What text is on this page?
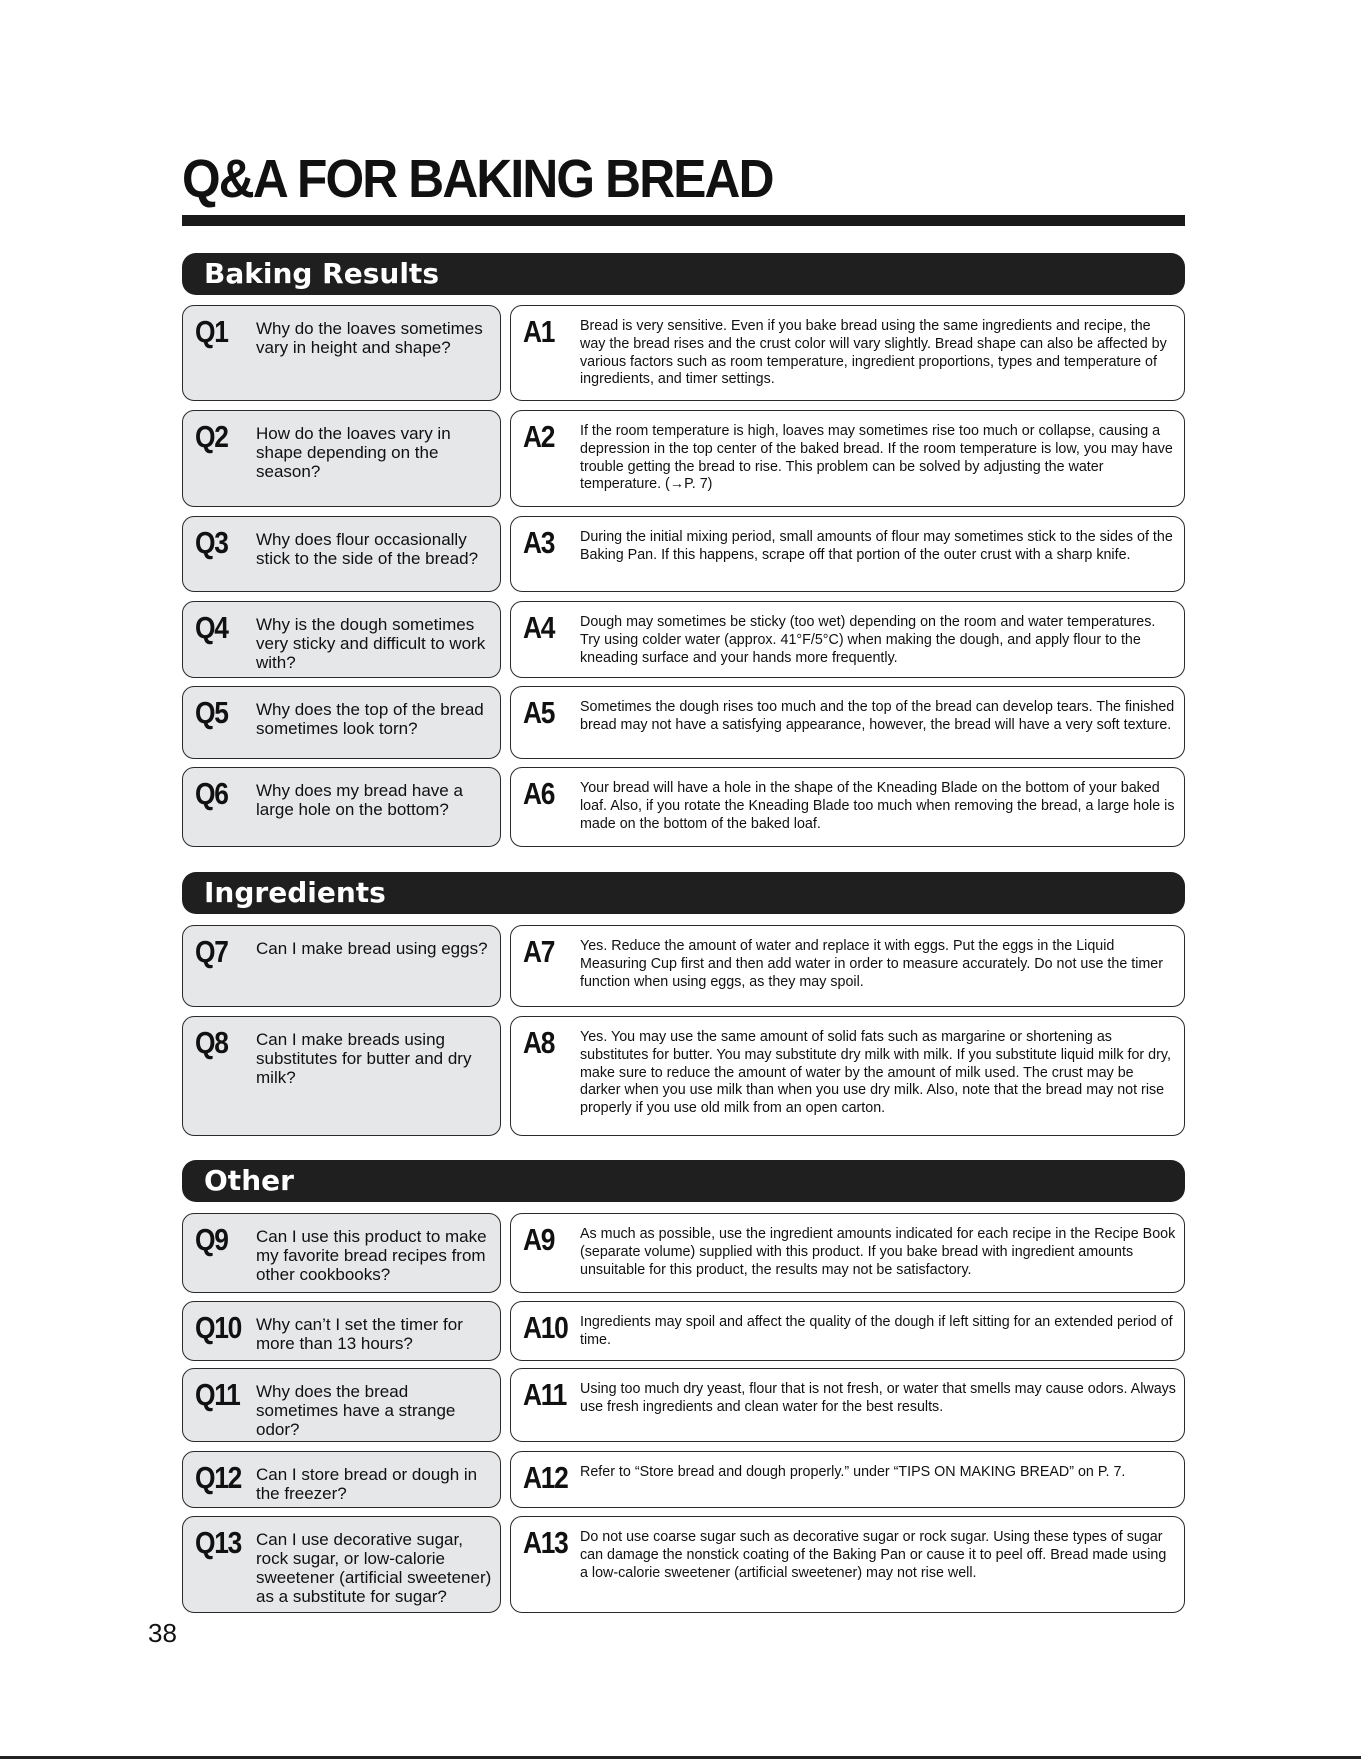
Q&A FOR BAKING BREAD
Baking Results
Q1 Why do the loaves sometimes vary in height and shape?	A1 Bread is very sensitive. Even if you bake bread using the same ingredients and recipe, the way the bread rises and the crust color will vary slightly. Bread shape can also be affected by various factors such as room temperature, ingredient proportions, types and temperature of ingredients, and timer settings.
Q2 How do the loaves vary in shape depending on the season?
A2 If the room temperature is high, loaves may sometimes rise too much or collapse, causing a depression in the top center of the baked bread. If the room temperature is low, you may have trouble getting the bread to rise. This problem can be solved by adjusting the water temperature. (→P. 7)
Q3 Why does flour occasionally stick to the side of the bread?	A3 During the initial mixing period, small amounts of flour may sometimes stick to the sides of the Baking Pan. If this happens, scrape off that portion of the outer crust with a sharp knife.
Q4 Why is the dough sometimes very sticky and difficult to work with?
A4 Dough may sometimes be sticky (too wet) depending on the room and water temperatures. Try using colder water (approx. 41°F/5°C) when making the dough, and apply flour to the kneading surface and your hands more frequently.
Q5 Why does the top of the bread sometimes look torn?	A5 Sometimes the dough rises too much and the top of the bread can develop tears. The finished bread may not have a satisfying appearance, however, the bread will have a very soft texture.
Q6 Why does my bread have a large hole on the bottom?	A6 Your bread will have a hole in the shape of the Kneading Blade on the bottom of your baked loaf. Also, if you rotate the Kneading Blade too much when removing the bread, a large hole is made on the bottom of the baked loaf.
Ingredients
Q7 Can I make bread using eggs? A7 Yes. Reduce the amount of water and replace it with eggs. Put the eggs in the Liquid Measuring Cup first and then add water in order to measure accurately. Do not use the timer function when using eggs, as they may spoil.
Q8 Can I make breads using substitutes for butter and dry milk?
A8 Yes. You may use the same amount of solid fats such as margarine or shortening as substitutes for butter. You may substitute dry milk with milk. If you substitute liquid milk for dry, make sure to reduce the amount of water by the amount of milk used. The crust may be darker when you use milk than when you use dry milk. Also, note that the bread may not rise properly if you use old milk from an open carton.
Other
Q9 Can I use this product to make my favorite bread recipes from other cookbooks?
A9 As much as possible, use the ingredient amounts indicated for each recipe in the Recipe Book (separate volume) supplied with this product. If you bake bread with ingredient amounts unsuitable for this product, the results may not be satisfactory.
Q10 Why can’t I set the timer for more than 13 hours?	A10 Ingredients may spoil and affect the quality of the dough if left sitting for an extended period of time.
Q11 Why does the bread sometimes have a strange odor?
A11 Using too much dry yeast, flour that is not fresh, or water that smells may cause odors. Always use fresh ingredients and clean water for the best results.
Q12 Can I store bread or dough in the freezer?	A12 Refer to “Store bread and dough properly.” under “TIPS ON MAKING BREAD” on P. 7.
Q13 Can I use decorative sugar, rock sugar, or low-calorie sweetener (artificial sweetener) as a substitute for sugar?
A13 Do not use coarse sugar such as decorative sugar or rock sugar. Using these types of sugar can damage the nonstick coating of the Baking Pan or cause it to peel off. Bread made using a low-calorie sweetener (artificial sweetener) may not rise well.
38
